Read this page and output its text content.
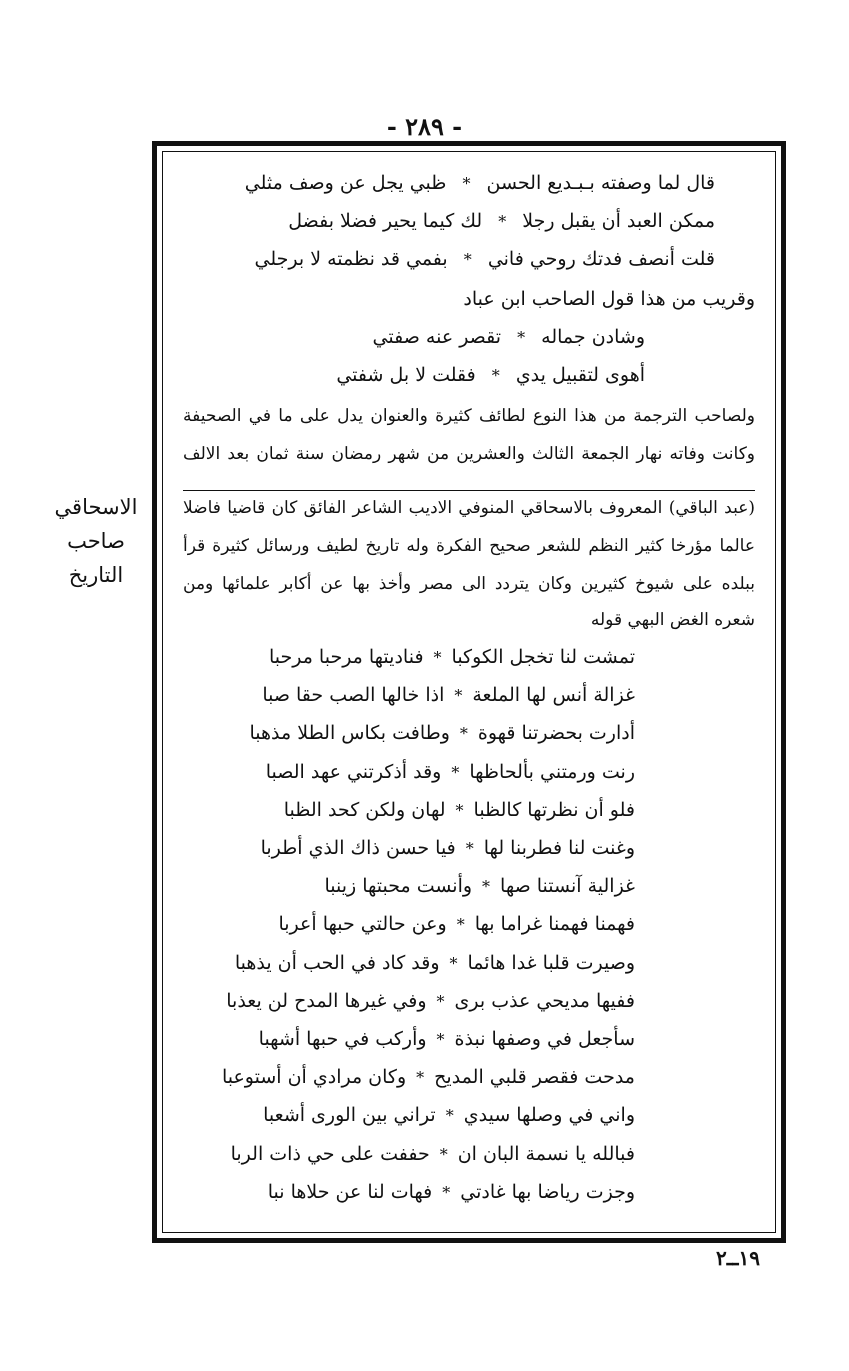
- ٢٨٩ -
الاسحاقي
صاحب
التاريخ
قال لما وصفته بـبـديع الحسن * ظبي يجل عن وصف مثلي
ممكن العبد أن يقبل رجلا * لك كيما يحير فضلا بفضل
قلت أنصف فدتك روحي فاني * بفمي قد نظمته لا برجلي
وقريب من هذا قول الصاحب ابن عباد
وشادن جماله * تقصر عنه صفتي
أهوى لتقبيل يدي * فقلت لا بل شفتي
ولصاحب الترجمة من هذا النوع لطائف كثيرة والعنوان يدل على ما في الصحيفة
وكانت وفاته نهار الجمعة الثالث والعشرين من شهر رمضان سنة ثمان بعد الالف
(عبد الباقي) المعروف بالاسحاقي المنوفي الاديب الشاعر الفائق كان قاضيا فاضلا
عالما مؤرخا كثير النظم للشعر صحيح الفكرة وله تاريخ لطيف ورسائل كثيرة قرأ
ببلده على شيوخ كثيرين وكان يتردد الى مصر وأخذ بها عن أكابر علمائها ومن
شعره الغض البهي قوله
تمشت لنا تخجل الكوكبا*فناديتها مرحبا مرحبا
غزالة أنس لها الملعة*اذا خالها الصب حقا صبا
أدارت بحضرتنا قهوة*وطافت بكاس الطلا مذهبا
رنت ورمتني بألحاظها*وقد أذكرتني عهد الصبا
فلو أن نظرتها كالظبا*لهان ولكن كحد الظبا
وغنت لنا فطربنا لها*فيا حسن ذاك الذي أطربا
غزالية آنستنا صها*وأنست محبتها زينبا
فهمنا فهمنا غراما بها*وعن حالتي حبها أعربا
وصيرت قلبا غدا هائما*وقد كاد في الحب أن يذهبا
ففيها مديحي عذب برى*وفي غيرها المدح لن يعذبا
سأجعل في وصفها نبذة*وأركب في حبها أشهبا
مدحت فقصر قلبي المديح*وكان مرادي أن أستوعبا
واني في وصلها سيدي*تراني بين الورى أشعبا
فبالله يا نسمة البان ان*حففت على حي ذات الربا
وجزت رياضا بها غادتي*فهات لنا عن حلاها نبا
١٩ــ٢
